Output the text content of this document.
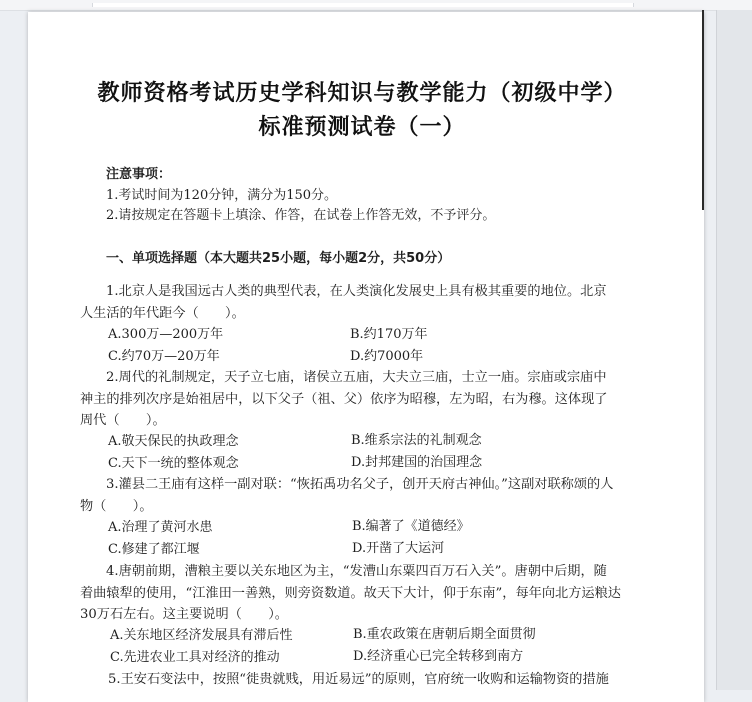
教师资格考试历史学科知识与教学能力（初级中学）
标准预测试卷（一）
注意事项：
1.考试时间为120分钟，满分为150分。
2.请按规定在答题卡上填涂、作答，在试卷上作答无效，不予评分。
一、单项选择题（本大题共25小题，每小题2分，共50分）
1.北京人是我国远古人类的典型代表，在人类演化发展史上具有极其重要的地位。北京
人生活的年代距今（　　）。
A.300万—200万年	B.约170万年
C.约70万—20万年	D.约7000年
2.周代的礼制规定，天子立七庙，诸侯立五庙，大夫立三庙，士立一庙。宗庙或宗庙中
神主的排列次序是始祖居中，以下父子（祖、父）依序为昭穆，左为昭，右为穆。这体现了
周代（　　）。
A.敬天保民的执政理念	B.维系宗法的礼制观念
C.天下一统的整体观念	D.封邦建国的治国理念
3.灌县二王庙有这样一副对联：“恢拓禹功名父子，创开天府古神仙。”这副对联称颂的人
物（　　）。
A.治理了黄河水患	B.编著了《道德经》
C.修建了都江堰	D.开凿了大运河
4.唐朝前期，漕粮主要以关东地区为主，“发漕山东粟四百万石入关”。唐朝中后期，随
着曲辕犁的使用，“江淮田一善熟，则旁资数道。故天下大计，仰于东南”，每年向北方运粮达
30万石左右。这主要说明（　　）。
A.关东地区经济发展具有滞后性	B.重农政策在唐朝后期全面贯彻
C.先进农业工具对经济的推动	D.经济重心已完全转移到南方
5.王安石变法中，按照“徙贵就贱，用近易远”的原则，官府统一收购和运输物资的措施
